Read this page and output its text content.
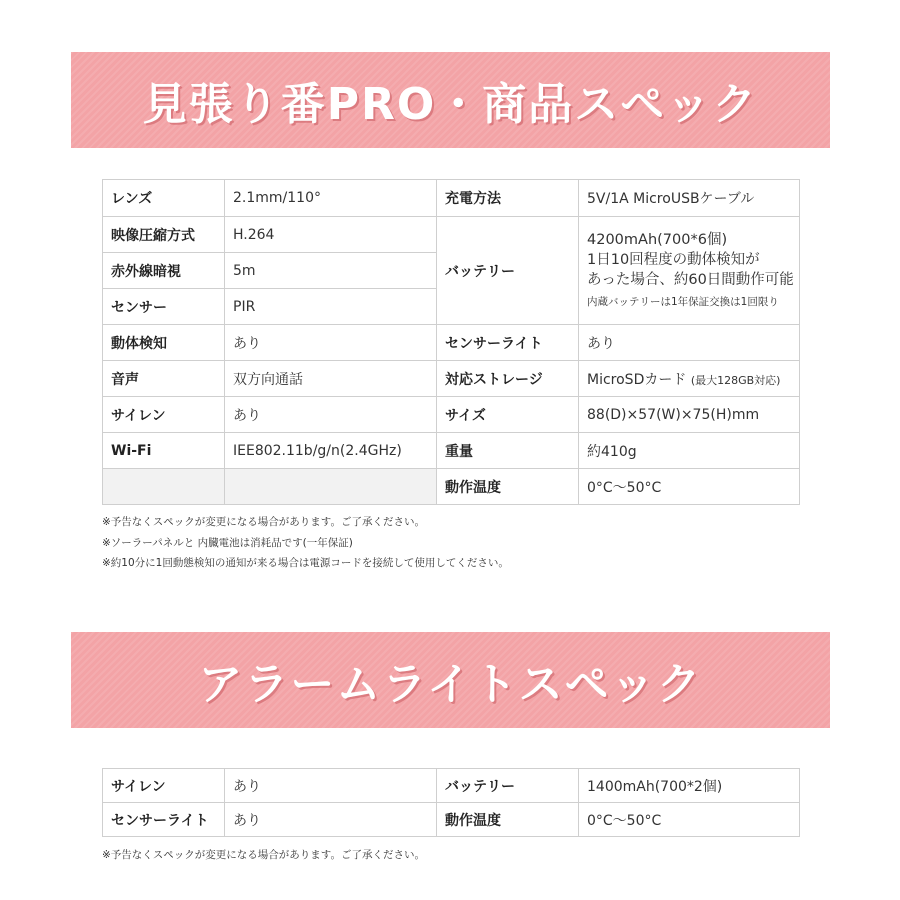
見張り番PRO・商品スペック
レンズ	2.1mm/110°	充電方法	5V/1A MicroUSBケーブル
映像圧縮方式	H.264	バッテリー	4200mAh(700*6個)
1日10回程度の動体検知が
あった場合、約60日間動作可能
内蔵バッテリーは1年保証交換は1回限り

赤外線暗視	5m		
センサー	PIR		
動体検知	あり	センサーライト	あり
音声	双方向通話	対応ストレージ	MicroSDカード (最大128GB対応)
サイレン	あり	サイズ	88(D)×57(W)×75(H)mm
Wi-Fi	IEE802.11b/g/n(2.4GHz)	重量	約410g
		動作温度	0°C〜50°C
※予告なくスペックが変更になる場合があります。ご了承ください。
※ソーラーパネルと 内臓電池は消耗品です(一年保証)
※約10分に1回動態検知の通知が来る場合は電源コードを接続して使用してください。
アラームライトスペック
サイレン	あり	バッテリー	1400mAh(700*2個)
センサーライト	あり	動作温度	0°C〜50°C
※予告なくスペックが変更になる場合があります。ご了承ください。
